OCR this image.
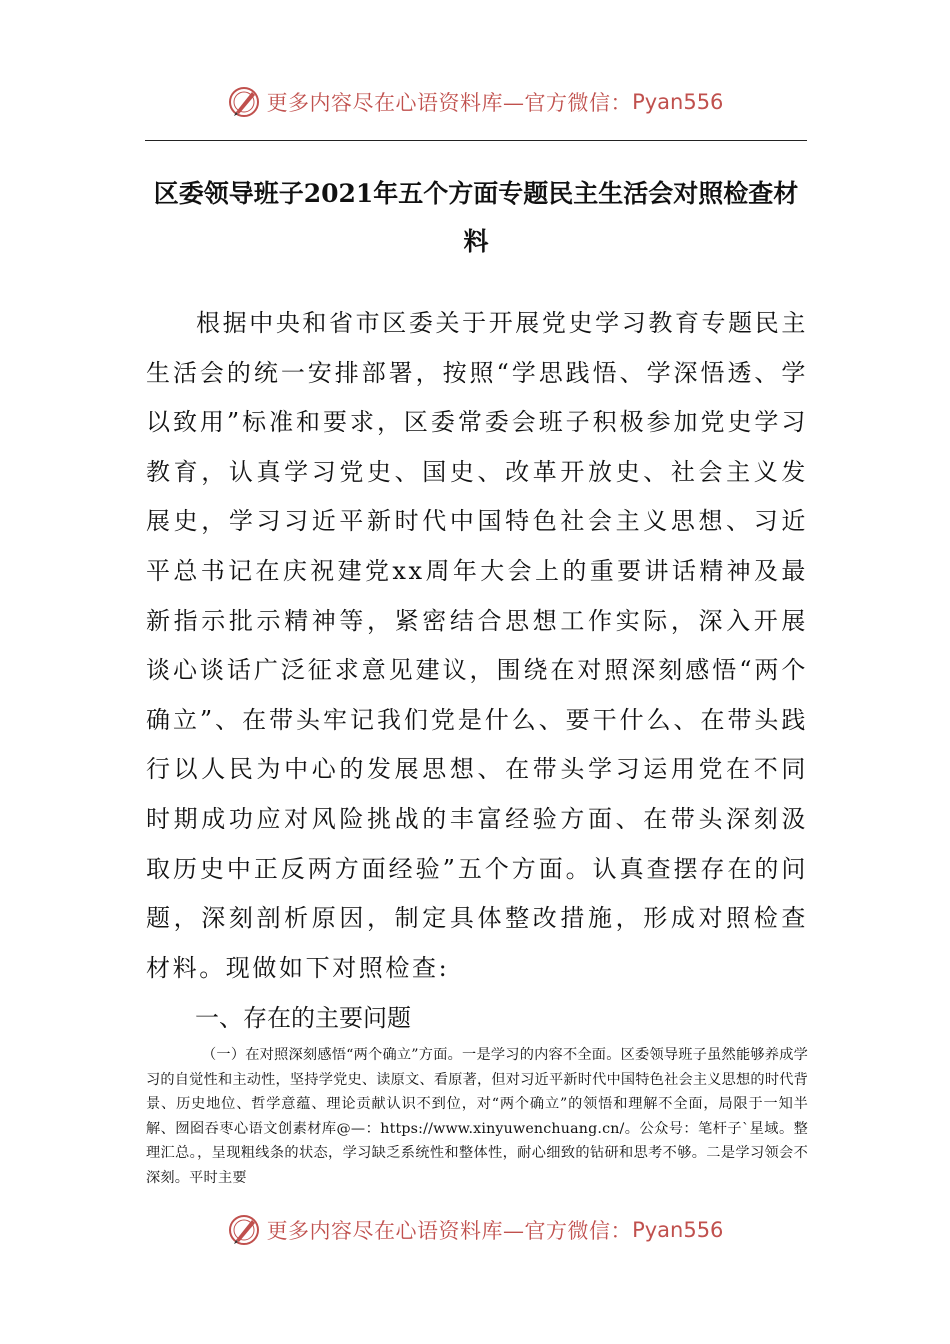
更多内容尽在心语资料库—官方微信： Pyan556
区委领导班子2021年五个方面专题民主生活会对照检查材料

根据中央和省市区委关于开展党史学习教育专题民主生活会的统一安排部署，按照“学思践悟、学深悟透、学以致用”标准和要求，区委常委会班子积极参加党史学习教育，认真学习党史、国史、改革开放史、社会主义发展史，学习习近平新时代中国特色社会主义思想、习近平总书记在庆祝建党xx周年大会上的重要讲话精神及最新指示批示精神等，紧密结合思想工作实际，深入开展谈心谈话广泛征求意见建议，围绕在对照深刻感悟“两个确立”、在带头牢记我们党是什么、要干什么、在带头践行以人民为中心的发展思想、在带头学习运用党在不同时期成功应对风险挑战的丰富经验方面、在带头深刻汲取历史中正反两方面经验”五个方面。认真查摆存在的问题，深刻剖析原因，制定具体整改措施，形成对照检查材料。现做如下对照检查:

一、存在的主要问题

（一）在对照深刻感悟“两个确立”方面。一是学习的内容不全面。区委领导班子虽然能够养成学习的自觉性和主动性，坚持学党史、读原文、看原著，但对习近平新时代中国特色社会主义思想的时代背景、历史地位、哲学意蕴、理论贡献认识不到位，对“两个确立”的领悟和理解不全面，局限于一知半解、囫囵吞枣心语文创素材库@—：https://www.xinyuwenchuang.cn/。公众号：笔杆子`星域。整理汇总。，呈现粗线条的状态，学习缺乏系统性和整体性，耐心细致的钻研和思考不够。二是学习领会不深刻。平时主要

更多内容尽在心语资料库—官方微信： Pyan556
